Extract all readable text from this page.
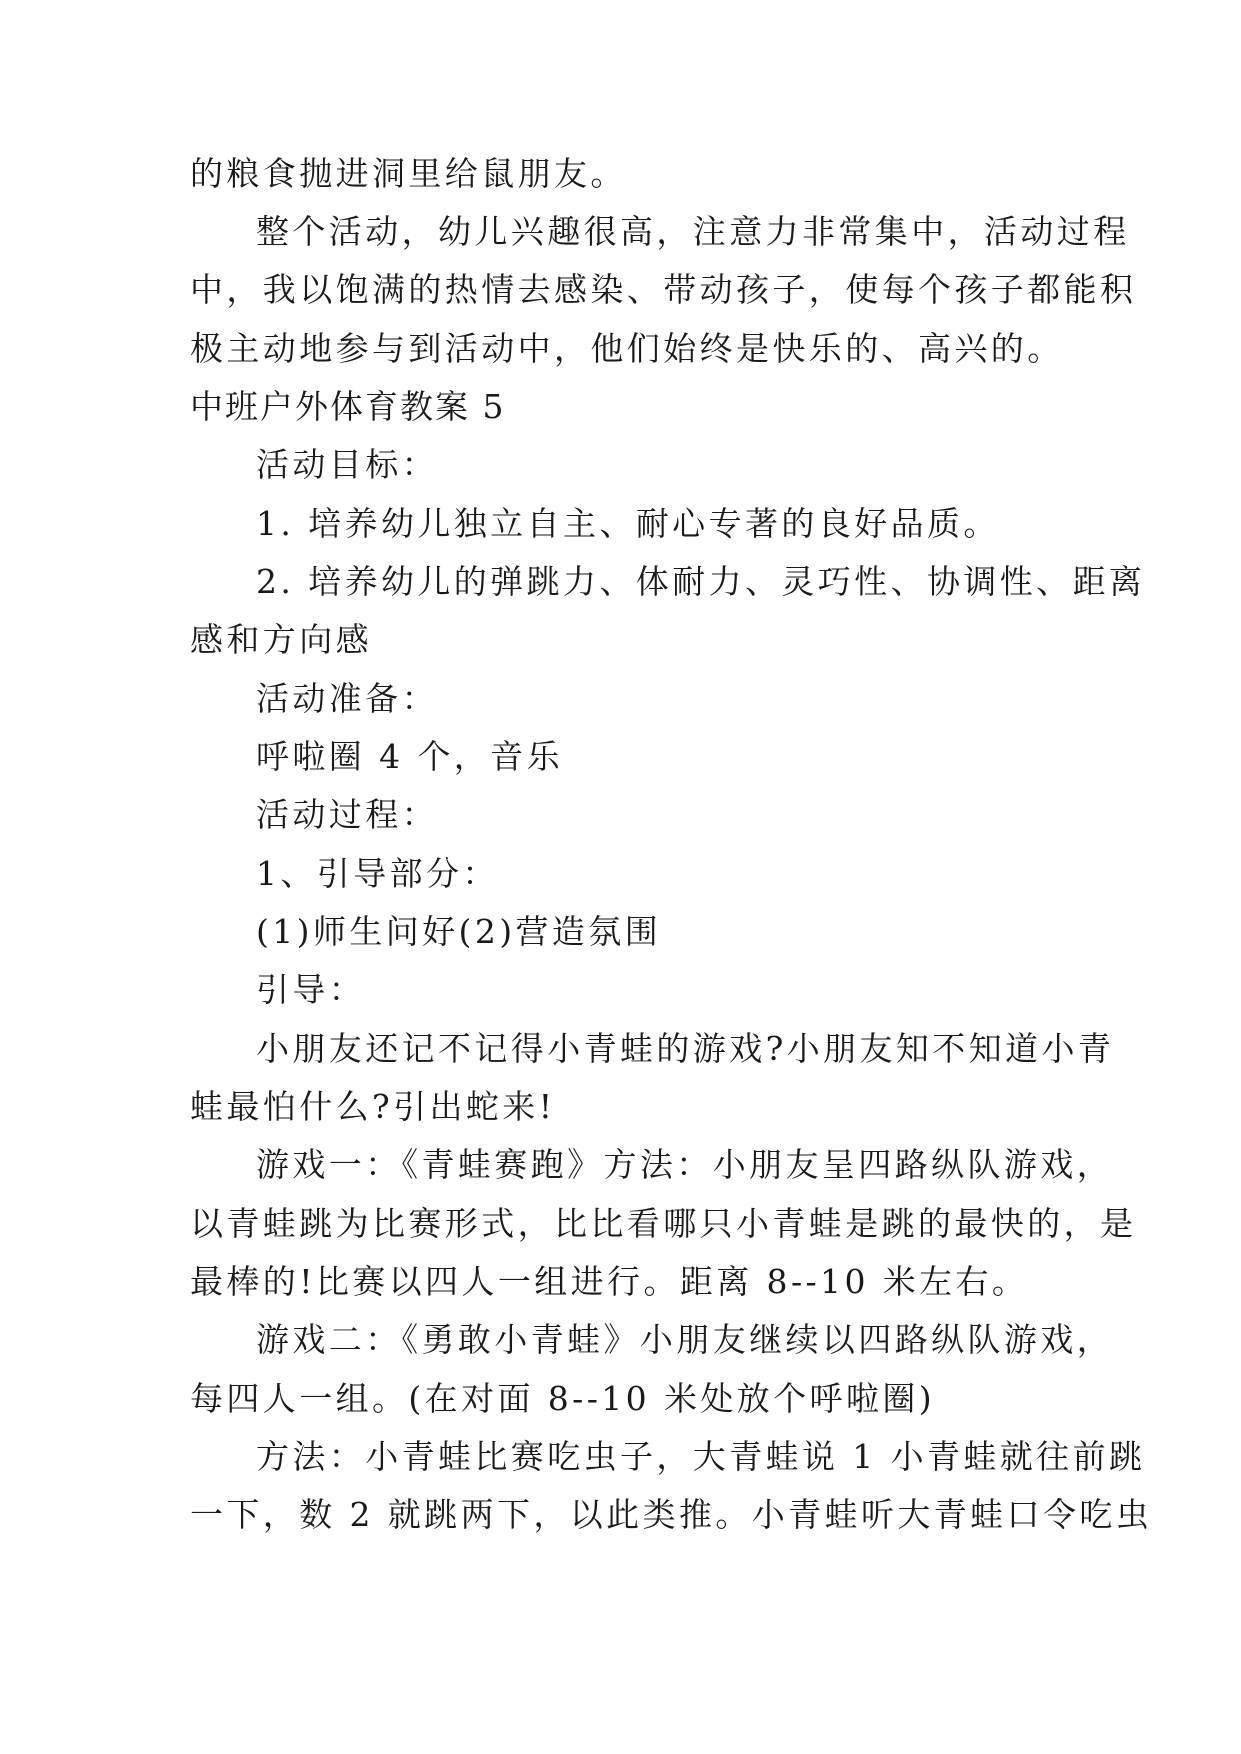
的粮食抛进洞里给鼠朋友。

整个活动，幼儿兴趣很高，注意力非常集中，活动过程

中，我以饱满的热情去感染、带动孩子，使每个孩子都能积

极主动地参与到活动中，他们始终是快乐的、高兴的。

中班户外体育教案 5

活动目标：

1. 培养幼儿独立自主、耐心专著的良好品质。

2. 培养幼儿的弹跳力、体耐力、灵巧性、协调性、距离

感和方向感

活动准备：

呼啦圈 4 个，音乐

活动过程：

1、引导部分：

(1)师生问好(2)营造氛围

引导：

小朋友还记不记得小青蛙的游戏?小朋友知不知道小青

蛙最怕什么?引出蛇来!

游戏一：《青蛙赛跑》方法：小朋友呈四路纵队游戏，

以青蛙跳为比赛形式，比比看哪只小青蛙是跳的最快的，是

最棒的!比赛以四人一组进行。距离 8--10 米左右。

游戏二：《勇敢小青蛙》小朋友继续以四路纵队游戏，

每四人一组。(在对面 8--10 米处放个呼啦圈)

方法：小青蛙比赛吃虫子，大青蛙说 1 小青蛙就往前跳

一下，数 2 就跳两下，以此类推。小青蛙听大青蛙口令吃虫
